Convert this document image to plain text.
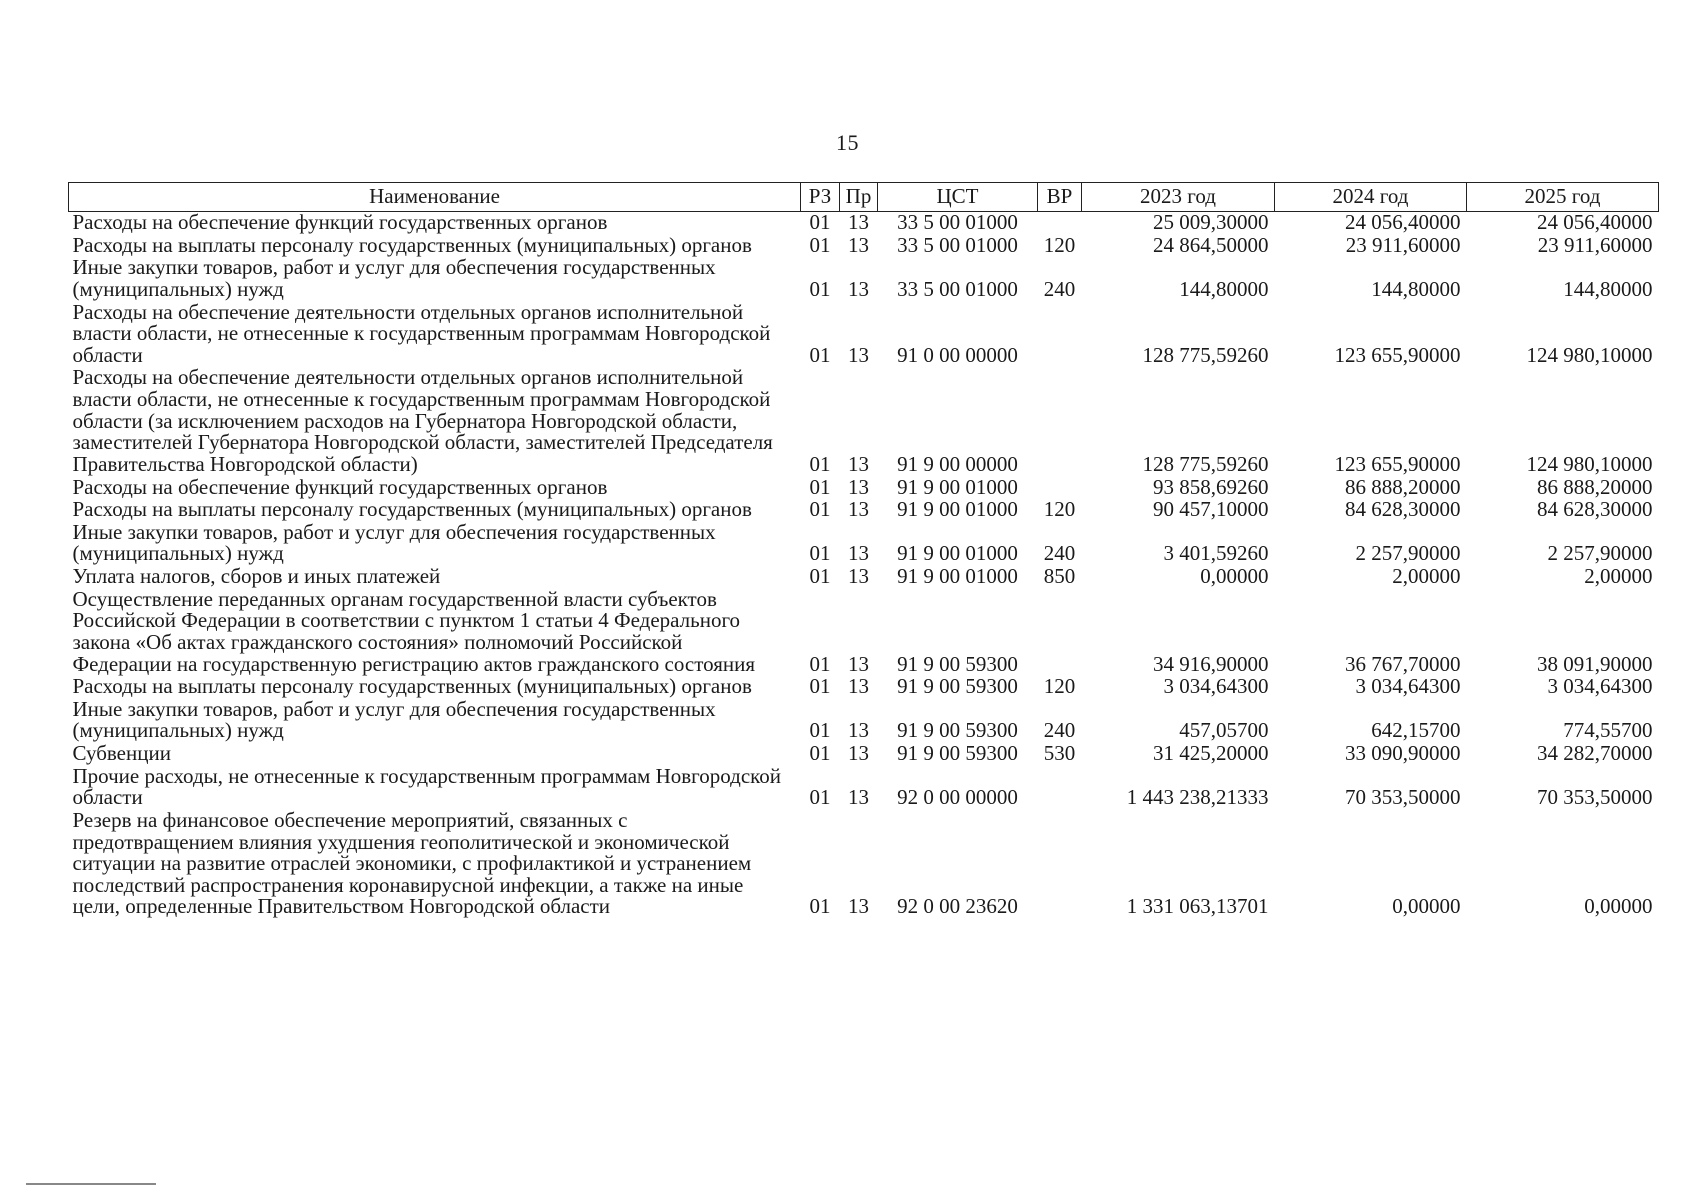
15
Наименование	РЗ	Пр	ЦСТ	ВР	2023 год	2024 год	2025 год
Расходы на обеспечение функций государственных органов	01	13	33 5 00 01000		25 009,30000	24 056,40000	24 056,40000
Расходы на выплаты персоналу государственных (муниципальных) органов	01	13	33 5 00 01000	120	24 864,50000	23 911,60000	23 911,60000
Иные закупки товаров, работ и услуг для обеспечения государственных (муниципальных) нужд	01	13	33 5 00 01000	240	144,80000	144,80000	144,80000
Расходы на обеспечение деятельности отдельных органов исполнительной власти области, не отнесенные к государственным программам Новгородской области	01	13	91 0 00 00000		128 775,59260	123 655,90000	124 980,10000
Расходы на обеспечение деятельности отдельных органов исполнительной власти области, не отнесенные к государственным программам Новгородской области (за исключением расходов на Губернатора Новгородской области, заместителей Губернатора Новгородской области, заместителей Председателя Правительства Новгородской области)	01	13	91 9 00 00000		128 775,59260	123 655,90000	124 980,10000
Расходы на обеспечение функций государственных органов	01	13	91 9 00 01000		93 858,69260	86 888,20000	86 888,20000
Расходы на выплаты персоналу государственных (муниципальных) органов	01	13	91 9 00 01000	120	90 457,10000	84 628,30000	84 628,30000
Иные закупки товаров, работ и услуг для обеспечения государственных (муниципальных) нужд	01	13	91 9 00 01000	240	3 401,59260	2 257,90000	2 257,90000
Уплата налогов, сборов и иных платежей	01	13	91 9 00 01000	850	0,00000	2,00000	2,00000
Осуществление переданных органам государственной власти субъектов Российской Федерации в соответствии с пунктом 1 статьи 4 Федерального закона «Об актах гражданского состояния» полномочий Российской Федерации на государственную регистрацию актов гражданского состояния	01	13	91 9 00 59300		34 916,90000	36 767,70000	38 091,90000
Расходы на выплаты персоналу государственных (муниципальных) органов	01	13	91 9 00 59300	120	3 034,64300	3 034,64300	3 034,64300
Иные закупки товаров, работ и услуг для обеспечения государственных (муниципальных) нужд	01	13	91 9 00 59300	240	457,05700	642,15700	774,55700
Субвенции	01	13	91 9 00 59300	530	31 425,20000	33 090,90000	34 282,70000
Прочие расходы, не отнесенные к государственным программам Новгородской области	01	13	92 0 00 00000		1 443 238,21333	70 353,50000	70 353,50000
Резерв на финансовое обеспечение мероприятий, связанных с предотвращением влияния ухудшения геополитической и экономической ситуации на развитие отраслей экономики, с профилактикой и устранением последствий распространения коронавирусной инфекции, а также на иные цели, определенные Правительством Новгородской области	01	13	92 0 00 23620		1 331 063,13701	0,00000	0,00000
